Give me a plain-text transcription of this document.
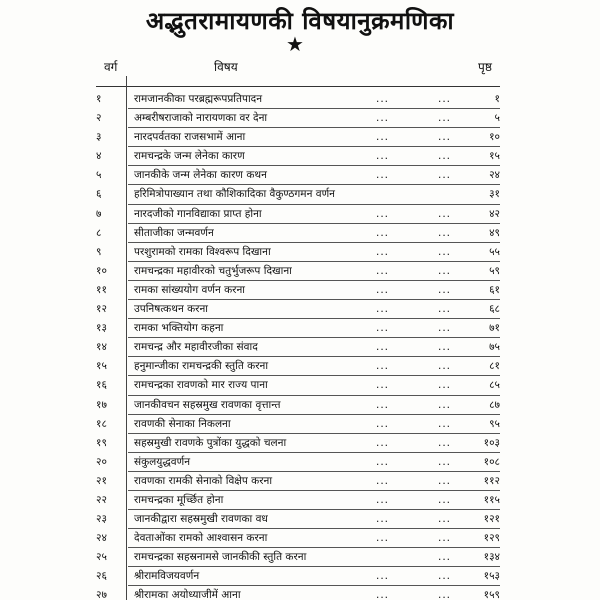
अद्भुतरामायणकी विषयानुक्रमणिका
★
वर्ग	विषय	पृष्ठ
१	रामजानकीका परब्रह्मरूपप्रतिपादन	...	...	१
२	अम्बरीषराजाको नारायणका वर देना	...	...	५
३	नारदपर्वतका राजसभामें आना	...	...	१०
४	रामचन्द्रके जन्म लेनेका कारण	...	...	१५
५	जानकीके जन्म लेनेका कारण कथन	...	...	२४
६	हरिमित्रोपाख्यान तथा कौशिकादिका वैकुण्ठगमन वर्णन	३१
७	नारदजीको गानविद्याका प्राप्त होना	...	...	४२
८	सीताजीका जन्मवर्णन	...	...	४९
९	परशुरामको रामका विश्वरूप दिखाना	...	...	५५
१०	रामचन्द्रका महावीरको चतुर्भुजरूप दिखाना	...	...	५९
११	रामका सांख्ययोग वर्णन करना	...	...	६१
१२	उपनिषत्कथन करना	...	...	६८
१३	रामका भक्तियोग कहना	...	...	७१
१४	रामचन्द्र और महावीरजीका संवाद	...	...	७५
१५	हनुमान्जीका रामचन्द्रकी स्तुति करना	...	...	८१
१६	रामचन्द्रका रावणको मार राज्य पाना	...	...	८५
१७	जानकीवचन सहस्रमुख रावणका वृत्तान्त	...	...	८७
१८	रावणकी सेनाका निकलना	...	...	९५
१९	सहस्रमुखी रावणके पुत्रोंका युद्धको चलना	...	...	१०३
२०	संकुलयुद्धवर्णन	...	...	१०८
२१	रावणका रामकी सेनाको विक्षेप करना	...	...	११२
२२	रामचन्द्रका मूर्च्छित होना	...	...	११५
२३	जानकीद्वारा सहस्रमुखी रावणका वध	...	...	१२१
२४	देवताओंका रामको आश्वासन करना	...	...	१२९
२५	रामचन्द्रका सहस्रनामसे जानकीकी स्तुति करना	...	१३४
२६	श्रीरामविजयवर्णन	...	...	१५३
२७	श्रीरामका अयोध्याजीमें आना	...	...	१५९
